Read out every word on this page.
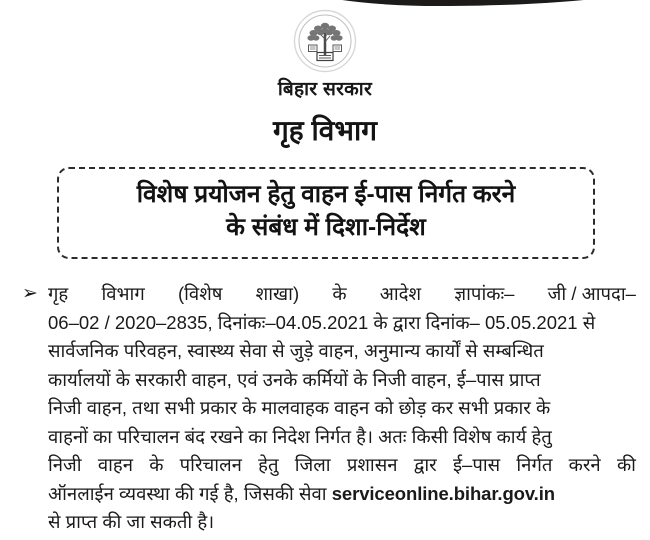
बिहार सरकार
गृह विभाग
विशेष प्रयोजन हेतु वाहन ई-पास निर्गत करने
के संबंध में दिशा-निर्देश
➢ गृह विभाग (विशेष शाखा) के आदेश ज्ञापांकः– जी / आपदा–
06–02 / 2020–2835, दिनांकः–04.05.2021 के द्वारा दिनांक– 05.05.2021 से
सार्वजनिक परिवहन, स्वास्थ्य सेवा से जुड़े वाहन, अनुमान्य कार्यों से सम्बन्धित
कार्यालयों के सरकारी वाहन, एवं उनके कर्मियों के निजी वाहन, ई–पास प्राप्त
निजी वाहन, तथा सभी प्रकार के मालवाहक वाहन को छोड़ कर सभी प्रकार के
वाहनों का परिचालन बंद रखने का निदेश निर्गत है। अतः किसी विशेष कार्य हेतु
निजी वाहन के परिचालन हेतु जिला प्रशासन द्वार ई–पास निर्गत करने की
ऑनलाईन व्यवस्था की गई है, जिसकी सेवा serviceonline.bihar.gov.in
से प्राप्त की जा सकती है।
